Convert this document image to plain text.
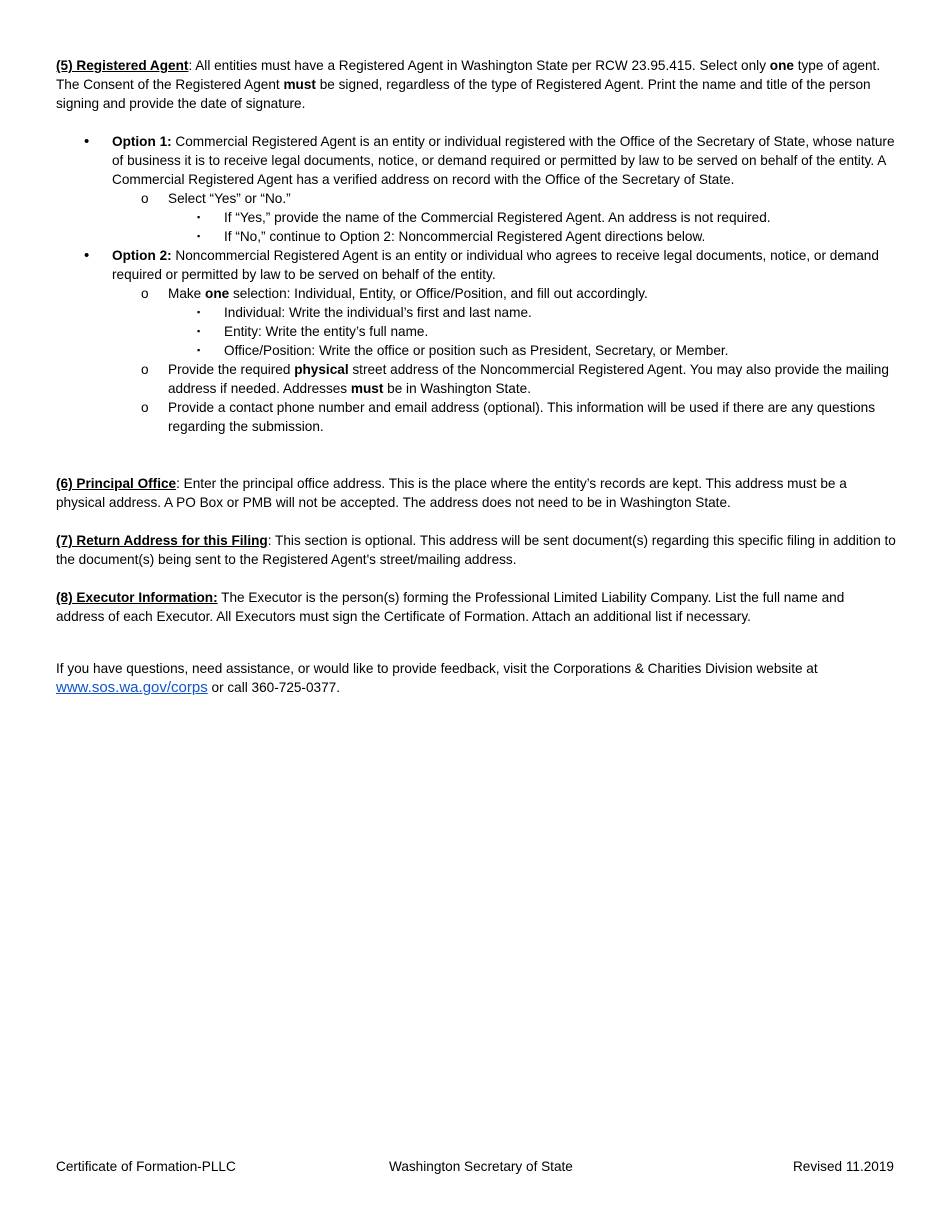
(5) Registered Agent: All entities must have a Registered Agent in Washington State per RCW 23.95.415. Select only one type of agent. The Consent of the Registered Agent must be signed, regardless of the type of Registered Agent. Print the name and title of the person signing and provide the date of signature.

• Option 1: Commercial Registered Agent is an entity or individual registered with the Office of the Secretary of State, whose nature of business it is to receive legal documents, notice, or demand required or permitted by law to be served on behalf of the entity. A Commercial Registered Agent has a verified address on record with the Office of the Secretary of State.
o Select “Yes” or “No.”
▪ If “Yes,” provide the name of the Commercial Registered Agent. An address is not required.
▪ If “No,” continue to Option 2: Noncommercial Registered Agent directions below.
• Option 2: Noncommercial Registered Agent is an entity or individual who agrees to receive legal documents, notice, or demand required or permitted by law to be served on behalf of the entity.
o Make one selection: Individual, Entity, or Office/Position, and fill out accordingly.
▪ Individual: Write the individual’s first and last name.
▪ Entity: Write the entity’s full name.
▪ Office/Position: Write the office or position such as President, Secretary, or Member.
o Provide the required physical street address of the Noncommercial Registered Agent. You may also provide the mailing address if needed. Addresses must be in Washington State.
o Provide a contact phone number and email address (optional). This information will be used if there are any questions regarding the submission.

(6) Principal Office: Enter the principal office address. This is the place where the entity’s records are kept. This address must be a physical address. A PO Box or PMB will not be accepted. The address does not need to be in Washington State.

(7) Return Address for this Filing: This section is optional. This address will be sent document(s) regarding this specific filing in addition to the document(s) being sent to the Registered Agent's street/mailing address.

(8) Executor Information: The Executor is the person(s) forming the Professional Limited Liability Company. List the full name and address of each Executor. All Executors must sign the Certificate of Formation. Attach an additional list if necessary.

If you have questions, need assistance, or would like to provide feedback, visit the Corporations & Charities Division website at www.sos.wa.gov/corps or call 360-725-0377.

Certificate of Formation-PLLC	Washington Secretary of State	Revised 11.2019
